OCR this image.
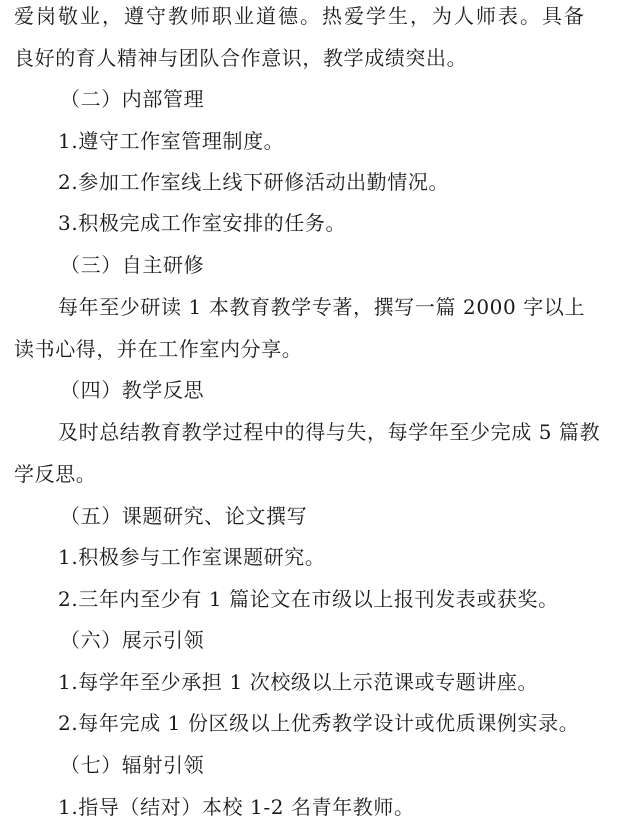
爱岗敬业，遵守教师职业道德。热爱学生，为人师表。具备
良好的育人精神与团队合作意识，教学成绩突出。
（二）内部管理
1.遵守工作室管理制度。
2.参加工作室线上线下研修活动出勤情况。
3.积极完成工作室安排的任务。
（三）自主研修
每年至少研读 1 本教育教学专著，撰写一篇 2000 字以上
读书心得，并在工作室内分享。
（四）教学反思
及时总结教育教学过程中的得与失，每学年至少完成 5 篇教
学反思。
（五）课题研究、论文撰写
1.积极参与工作室课题研究。
2.三年内至少有 1 篇论文在市级以上报刊发表或获奖。
（六）展示引领
1.每学年至少承担 1 次校级以上示范课或专题讲座。
2.每年完成 1 份区级以上优秀教学设计或优质课例实录。
（七）辐射引领
1.指导（结对）本校 1-2 名青年教师。
